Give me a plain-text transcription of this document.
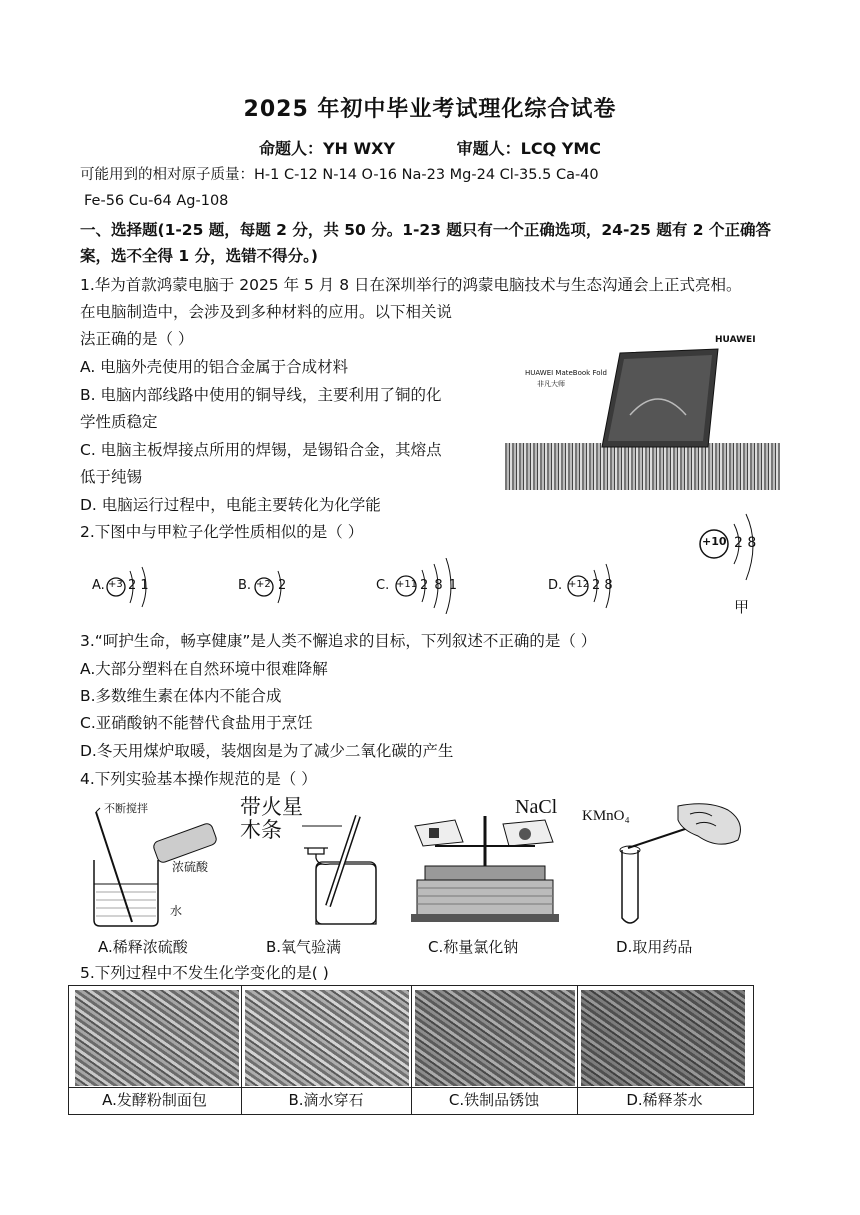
2025 年初中毕业考试理化综合试卷
命题人：YH WXY	审题人：LCQ YMC
可能用到的相对原子质量：H-1 C-12 N-14 O-16 Na-23 Mg-24 Cl-35.5 Ca-40
Fe-56 Cu-64 Ag-108
一、选择题(1-25 题，每题 2 分，共 50 分。1-23 题只有一个正确选项，24-25 题有 2 个正确答
案，选不全得 1 分，选错不得分。)
1.华为首款鸿蒙电脑于 2025 年 5 月 8 日在深圳举行的鸿蒙电脑技术与生态沟通会上正式亮相。
在电脑制造中，会涉及到多种材料的应用。以下相关说
法正确的是（ ）
A. 电脑外壳使用的铝合金属于合成材料
B. 电脑内部线路中使用的铜导线，主要利用了铜的化
学性质稳定
C. 电脑主板焊接点所用的焊锡，是锡铅合金，其熔点
低于纯锡
D. 电脑运行过程中，电能主要转化为化学能
HUAWEI
HUAWEI MateBook Fold
非凡大师
2.下图中与甲粒子化学性质相似的是（ ）
A. +3 2 1	B. +2 2	C. +11 2 8 1	D. +12 2 8
+10 2 8
甲
3.“呵护生命，畅享健康”是人类不懈追求的目标，下列叙述不正确的是（ ）
A.大部分塑料在自然环境中很难降解
B.多数维生素在体内不能合成
C.亚硝酸钠不能替代食盐用于烹饪
D.冬天用煤炉取暖，装烟囱是为了减少二氧化碳的产生
4.下列实验基本操作规范的是（ ）
不断搅拌
浓硫酸
水
带火星
木条
NaCl KMnO₄
A.稀释浓硫酸	B.氧气验满	C.称量氯化钠	D.取用药品
5.下列过程中不发生化学变化的是( )
A.发酵粉制面包	B.滴水穿石	C.铁制品锈蚀	D.稀释茶水
